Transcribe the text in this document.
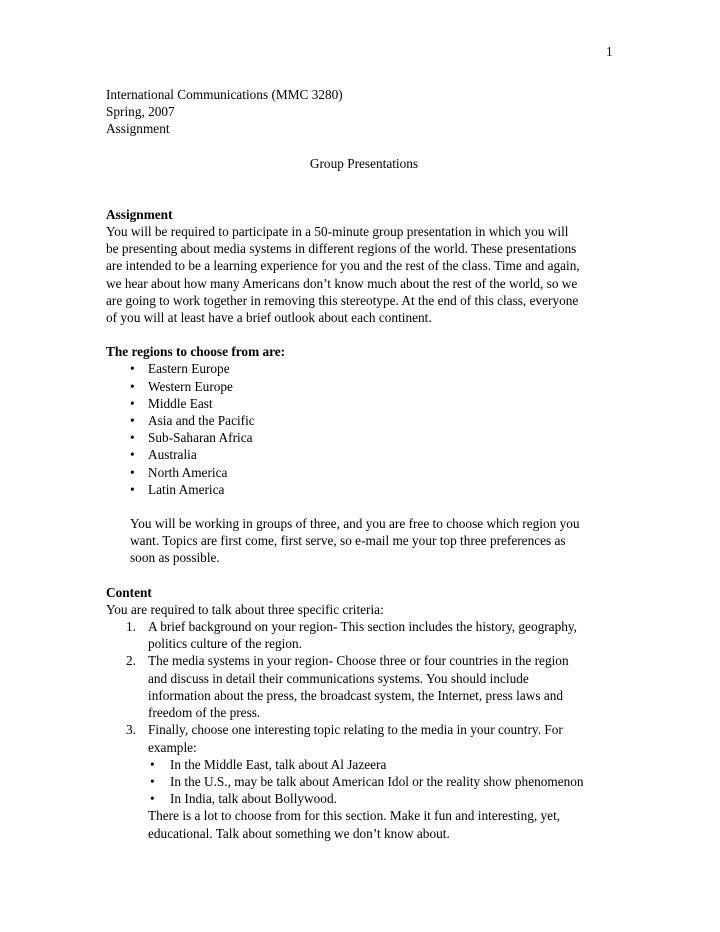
1

International Communications (MMC 3280)

Spring, 2007

Assignment

Group Presentations

Assignment

You will be required to participate in a 50-minute group presentation in which you will

be presenting about media systems in different regions of the world. These presentations

are intended to be a learning experience for you and the rest of the class. Time and again,

we hear about how many Americans don’t know much about the rest of the world, so we

are going to work together in removing this stereotype. At the end of this class, everyone

of you will at least have a brief outlook about each continent.

The regions to choose from are:

• Eastern Europe
• Western Europe
• Middle East
• Asia and the Pacific
• Sub-Saharan Africa
• Australia
• North America
• Latin America

You will be working in groups of three, and you are free to choose which region you

want. Topics are first come, first serve, so e-mail me your top three preferences as

soon as possible.

Content

You are required to talk about three specific criteria:

1. A brief background on your region- This section includes the history, geography,

politics culture of the region.

2. The media systems in your region- Choose three or four countries in the region

and discuss in detail their communications systems. You should include

information about the press, the broadcast system, the Internet, press laws and

freedom of the press.

3. Finally, choose one interesting topic relating to the media in your country. For

example:

• In the Middle East, talk about Al Jazeera
• In the U.S., may be talk about American Idol or the reality show phenomenon
• In India, talk about Bollywood.

There is a lot to choose from for this section. Make it fun and interesting, yet,

educational. Talk about something we don’t know about.
